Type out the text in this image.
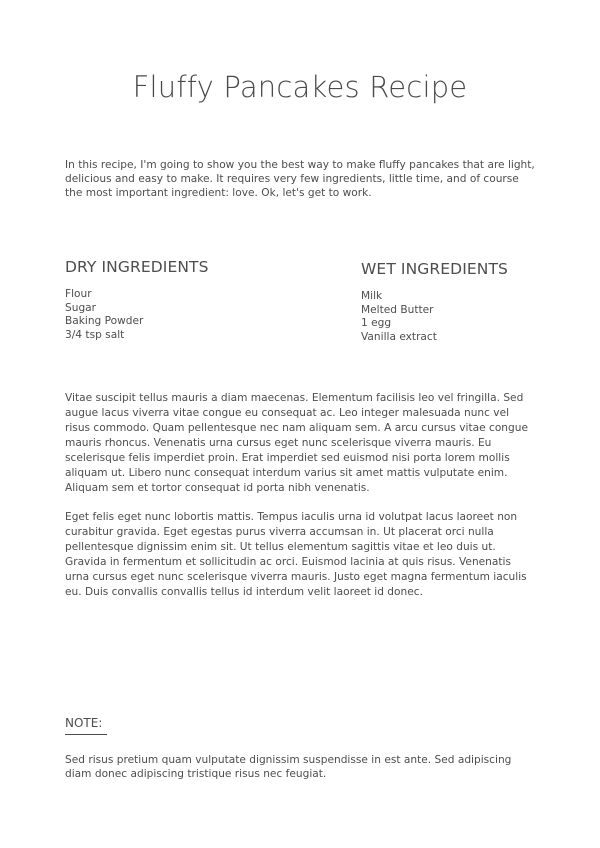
Fluffy Pancakes Recipe

In this recipe, I'm going to show you the best way to make fluffy pancakes that are light, delicious and easy to make. It requires very few ingredients, little time, and of course the most important ingredient: love. Ok, let's get to work.

DRY INGREDIENTS
Flour
Sugar
Baking Powder
3/4 tsp salt
WET INGREDIENTS
Milk
Melted Butter
1 egg
Vanilla extract

Vitae suscipit tellus mauris a diam maecenas. Elementum facilisis leo vel fringilla. Sed augue lacus viverra vitae congue eu consequat ac. Leo integer malesuada nunc vel risus commodo. Quam pellentesque nec nam aliquam sem. A arcu cursus vitae congue mauris rhoncus. Venenatis urna cursus eget nunc scelerisque viverra mauris. Eu scelerisque felis imperdiet proin. Erat imperdiet sed euismod nisi porta lorem mollis aliquam ut. Libero nunc consequat interdum varius sit amet mattis vulputate enim. Aliquam sem et tortor consequat id porta nibh venenatis.

Eget felis eget nunc lobortis mattis. Tempus iaculis urna id volutpat lacus laoreet non curabitur gravida. Eget egestas purus viverra accumsan in. Ut placerat orci nulla pellentesque dignissim enim sit. Ut tellus elementum sagittis vitae et leo duis ut. Gravida in fermentum et sollicitudin ac orci. Euismod lacinia at quis risus. Venenatis urna cursus eget nunc scelerisque viverra mauris. Justo eget magna fermentum iaculis eu. Duis convallis convallis tellus id interdum velit laoreet id donec.

NOTE:

Sed risus pretium quam vulputate dignissim suspendisse in est ante. Sed adipiscing diam donec adipiscing tristique risus nec feugiat.
